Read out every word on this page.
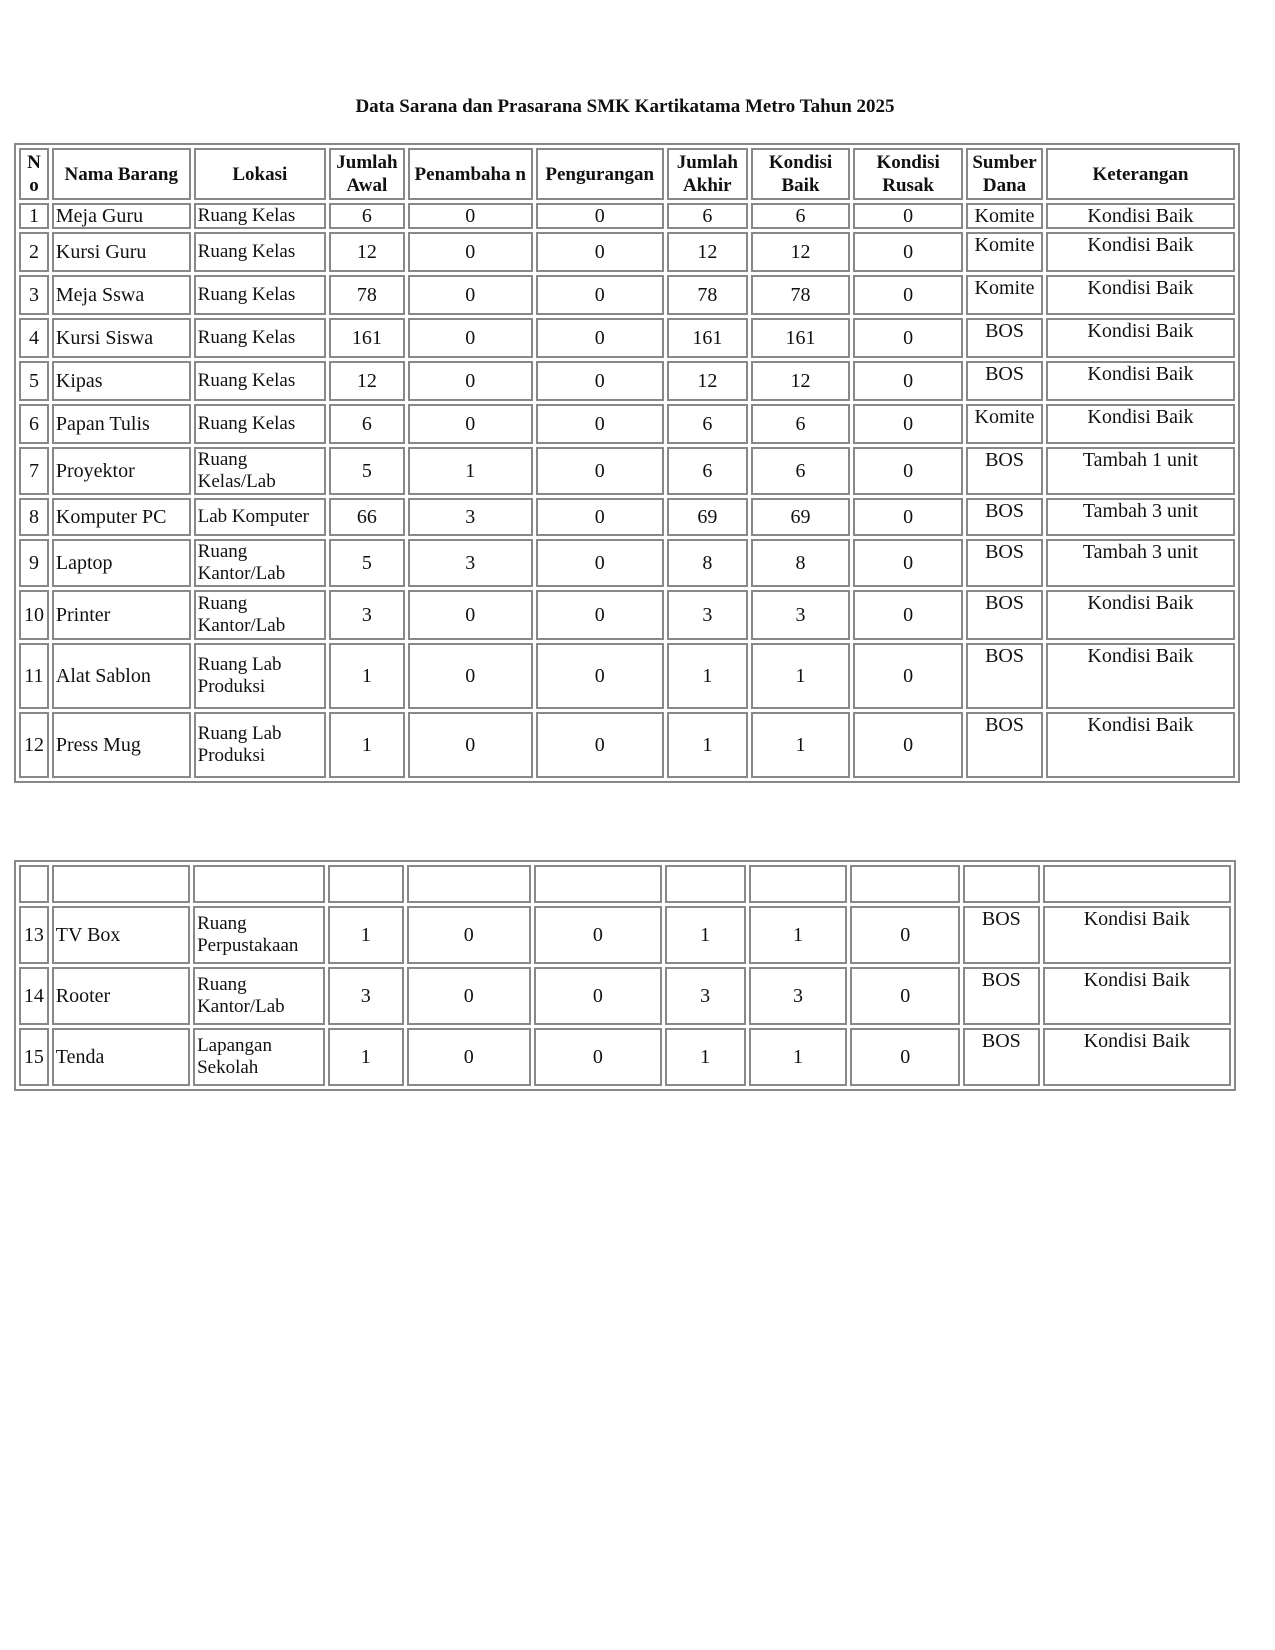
Data Sarana dan Prasarana SMK Kartikatama Metro Tahun 2025
N o	Nama Barang	Lokasi	Jumlah Awal	Penambaha n	Pengurangan	Jumlah Akhir	Kondisi Baik	Kondisi Rusak	Sumber Dana	Keterangan
1	Meja Guru	Ruang Kelas	6	0	0	6	6	0	Komite	Kondisi Baik
2	Kursi Guru	Ruang Kelas	12	0	0	12	12	0	Komite	Kondisi Baik
3	Meja Sswa	Ruang Kelas	78	0	0	78	78	0	Komite	Kondisi Baik
4	Kursi Siswa	Ruang Kelas	161	0	0	161	161	0	BOS	Kondisi Baik
5	Kipas	Ruang Kelas	12	0	0	12	12	0	BOS	Kondisi Baik
6	Papan Tulis	Ruang Kelas	6	0	0	6	6	0	Komite	Kondisi Baik
7	Proyektor	Ruang Kelas/Lab	5	1	0	6	6	0	BOS	Tambah 1 unit
8	Komputer PC	Lab Komputer	66	3	0	69	69	0	BOS	Tambah 3 unit
9	Laptop	Ruang Kantor/Lab	5	3	0	8	8	0	BOS	Tambah 3 unit
10	Printer	Ruang Kantor/Lab	3	0	0	3	3	0	BOS	Kondisi Baik
11	Alat Sablon	Ruang Lab Produksi	1	0	0	1	1	0	BOS	Kondisi Baik
12	Press Mug	Ruang Lab Produksi	1	0	0	1	1	0	BOS	Kondisi Baik

13	TV Box	Ruang Perpustakaan	1	0	0	1	1	0	BOS	Kondisi Baik
14	Rooter	Ruang Kantor/Lab	3	0	0	3	3	0	BOS	Kondisi Baik
15	Tenda	Lapangan Sekolah	1	0	0	1	1	0	BOS	Kondisi Baik
